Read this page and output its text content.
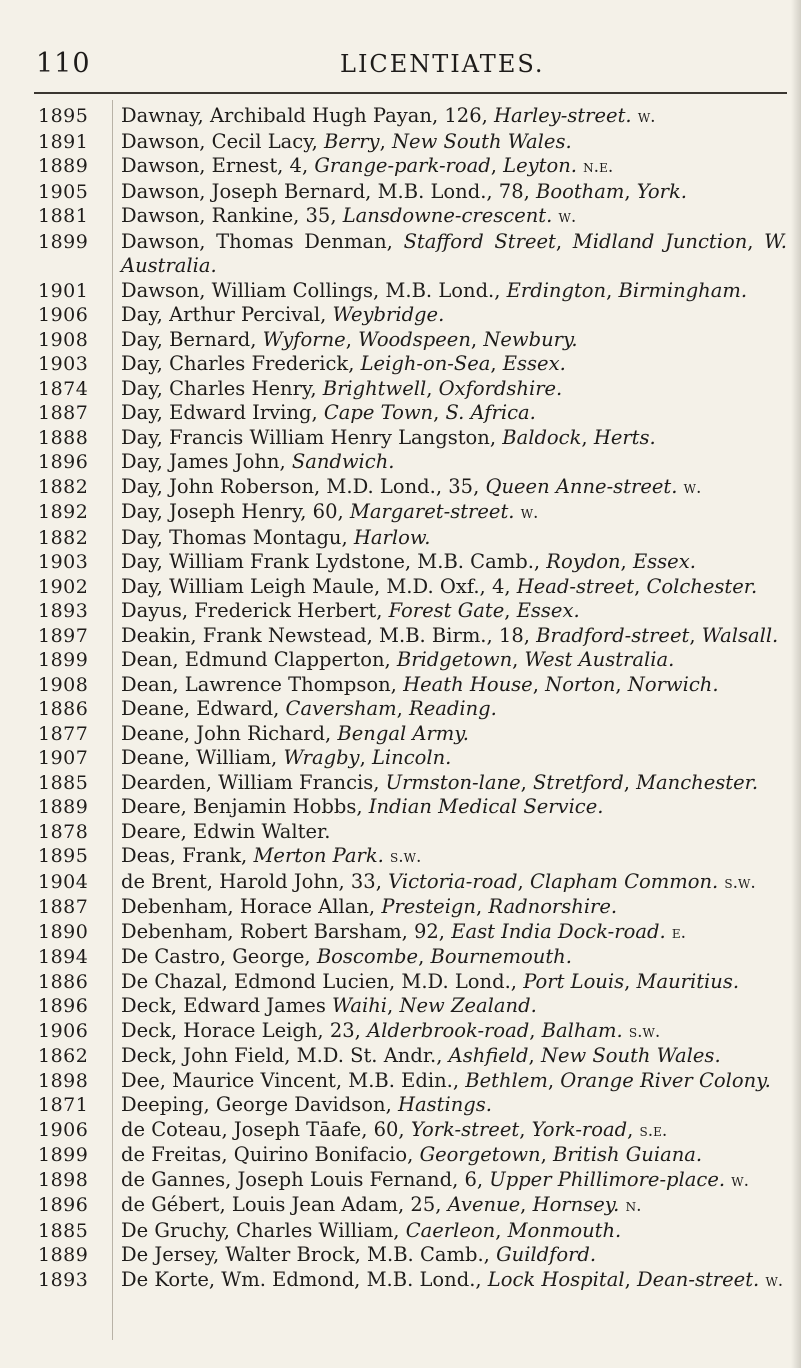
110	LICENTIATES.
1895	Dawnay, Archibald Hugh Payan, 126, Harley-street. w.
1891	Dawson, Cecil Lacy, Berry, New South Wales.
1889	Dawson, Ernest, 4, Grange-park-road, Leyton. n.e.
1905	Dawson, Joseph Bernard, M.B. Lond., 78, Bootham, York.
1881	Dawson, Rankine, 35, Lansdowne-crescent. w.
1899	Dawson, Thomas Denman, Stafford Street, Midland Junction, W. Australia.
1901	Dawson, William Collings, M.B. Lond., Erdington, Birmingham.
1906	Day, Arthur Percival, Weybridge.
1908	Day, Bernard, Wyforne, Woodspeen, Newbury.
1903	Day, Charles Frederick, Leigh-on-Sea, Essex.
1874	Day, Charles Henry, Brightwell, Oxfordshire.
1887	Day, Edward Irving, Cape Town, S. Africa.
1888	Day, Francis William Henry Langston, Baldock, Herts.
1896	Day, James John, Sandwich.
1882	Day, John Roberson, M.D. Lond., 35, Queen Anne-street. w.
1892	Day, Joseph Henry, 60, Margaret-street. w.
1882	Day, Thomas Montagu, Harlow.
1903	Day, William Frank Lydstone, M.B. Camb., Roydon, Essex.
1902	Day, William Leigh Maule, M.D. Oxf., 4, Head-street, Colchester.
1893	Dayus, Frederick Herbert, Forest Gate, Essex.
1897	Deakin, Frank Newstead, M.B. Birm., 18, Bradford-street, Walsall.
1899	Dean, Edmund Clapperton, Bridgetown, West Australia.
1908	Dean, Lawrence Thompson, Heath House, Norton, Norwich.
1886	Deane, Edward, Caversham, Reading.
1877	Deane, John Richard, Bengal Army.
1907	Deane, William, Wragby, Lincoln.
1885	Dearden, William Francis, Urmston-lane, Stretford, Manchester.
1889	Deare, Benjamin Hobbs, Indian Medical Service.
1878	Deare, Edwin Walter.
1895	Deas, Frank, Merton Park. s.w.
1904	de Brent, Harold John, 33, Victoria-road, Clapham Common. s.w.
1887	Debenham, Horace Allan, Presteign, Radnorshire.
1890	Debenham, Robert Barsham, 92, East India Dock-road. e.
1894	De Castro, George, Boscombe, Bournemouth.
1886	De Chazal, Edmond Lucien, M.D. Lond., Port Louis, Mauritius.
1896	Deck, Edward James Waihi, New Zealand.
1906	Deck, Horace Leigh, 23, Alderbrook-road, Balham. s.w.
1862	Deck, John Field, M.D. St. Andr., Ashfield, New South Wales.
1898	Dee, Maurice Vincent, M.B. Edin., Bethlem, Orange River Colony.
1871	Deeping, George Davidson, Hastings.
1906	de Coteau, Joseph Tāafe, 60, York-street, York-road, s.e.
1899	de Freitas, Quirino Bonifacio, Georgetown, British Guiana.
1898	de Gannes, Joseph Louis Fernand, 6, Upper Phillimore-place. w.
1896	de Gébert, Louis Jean Adam, 25, Avenue, Hornsey. n.
1885	De Gruchy, Charles William, Caerleon, Monmouth.
1889	De Jersey, Walter Brock, M.B. Camb., Guildford.
1893	De Korte, Wm. Edmond, M.B. Lond., Lock Hospital, Dean-street. w.
